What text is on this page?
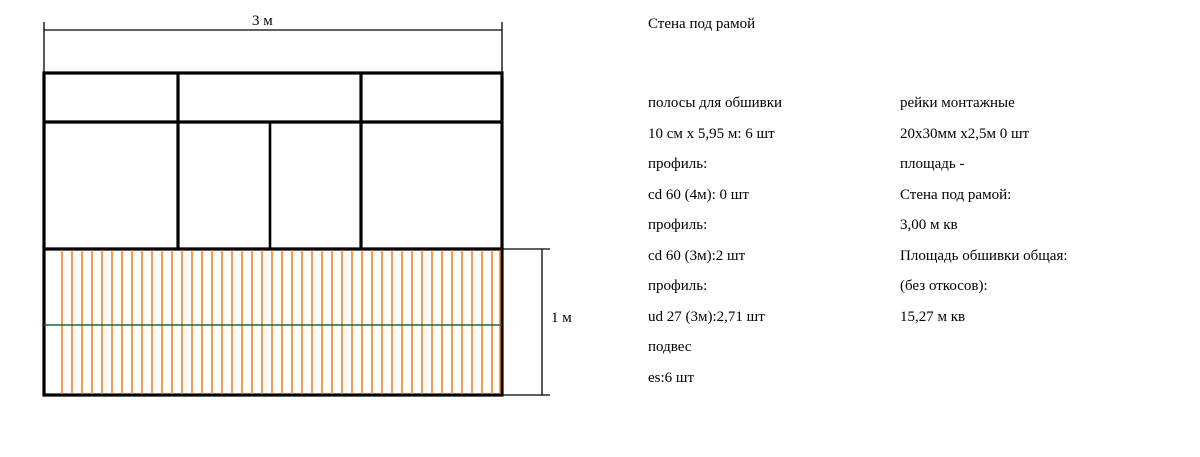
3 м
1 м
Стена под рамой
полосы для обшивки
10 см х 5,95 м: 6 шт
профиль:
cd 60 (4м): 0 шт
профиль:
cd 60 (3м):2 шт
профиль:
ud 27 (3м):2,71 шт
подвес
es:6 шт
рейки монтажные
20х30мм х2,5м 0 шт
площадь -
Стена под рамой:
3,00 м кв
Площадь обшивки общая:
(без откосов):
15,27 м кв
